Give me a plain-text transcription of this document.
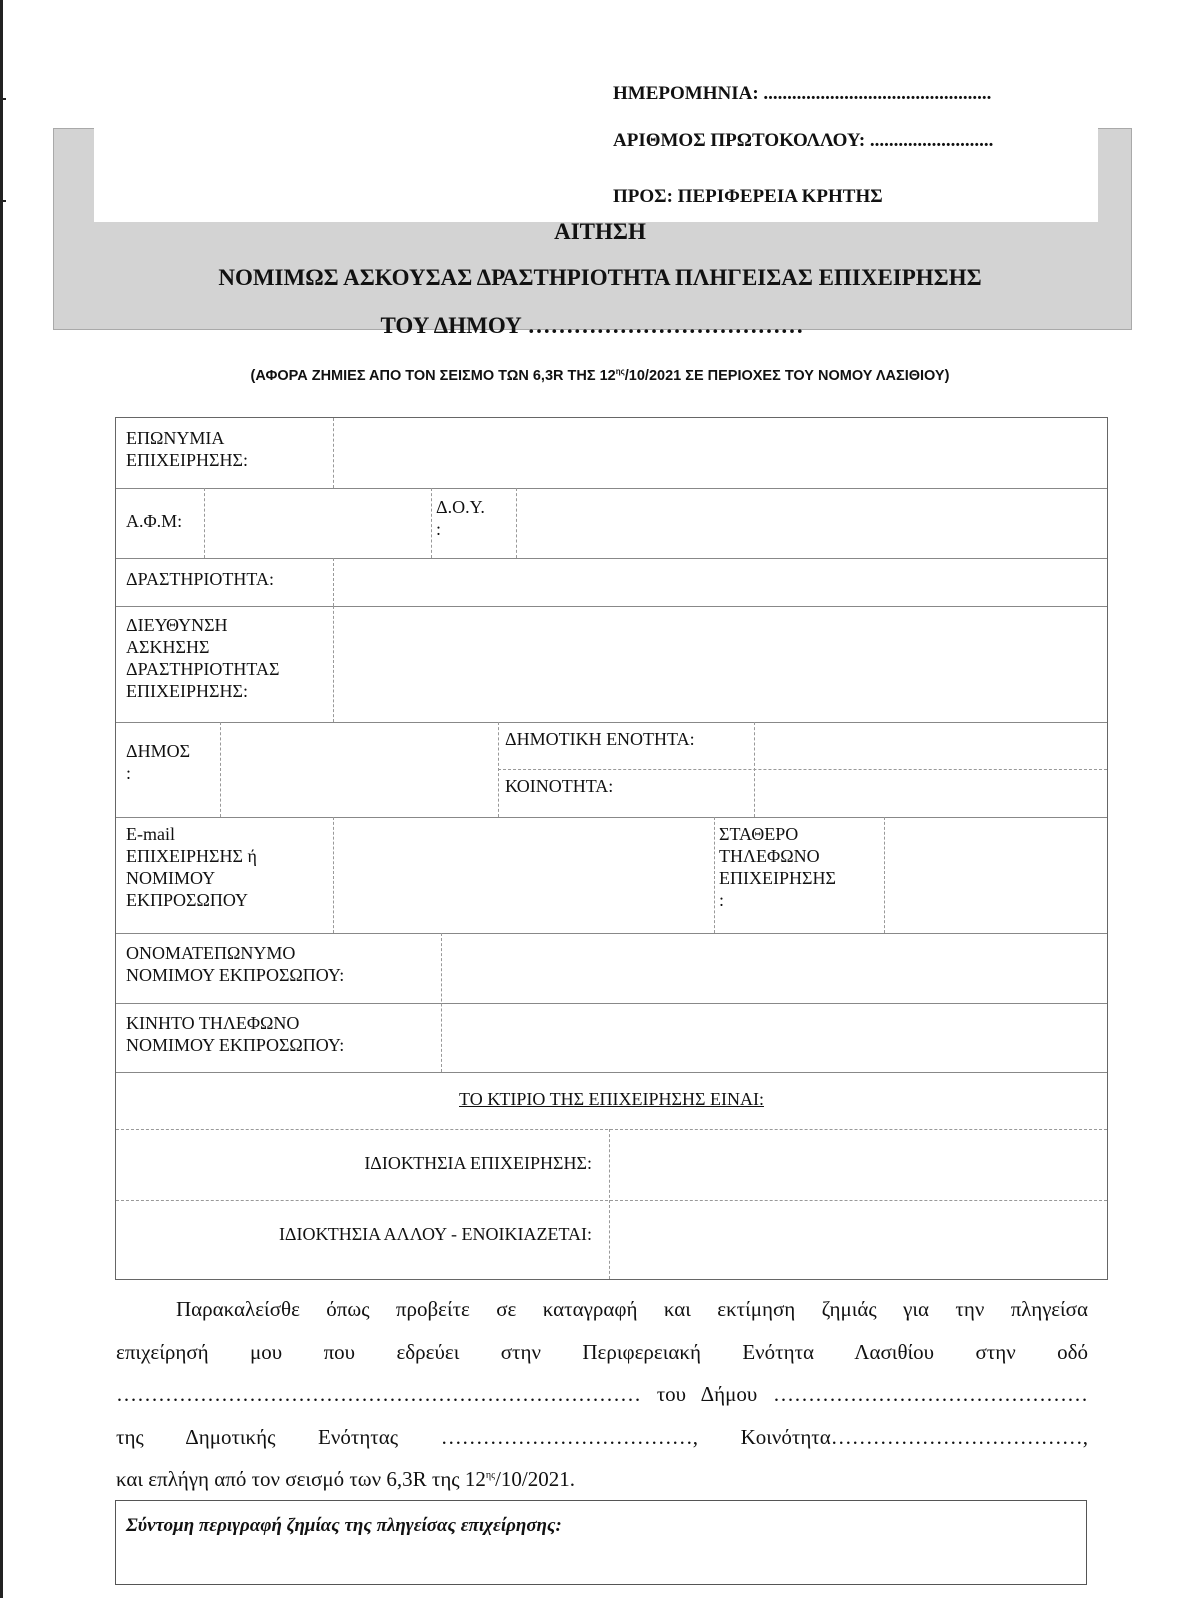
ΗΜΕΡΟΜΗΝΙΑ: ................................................
ΑΡΙΘΜΟΣ ΠΡΩΤΟΚΟΛΛΟΥ: ..........................
ΠΡΟΣ: ΠΕΡΙΦΕΡΕΙΑ ΚΡΗΤΗΣ
ΑΙΤΗΣΗ
ΝΟΜΙΜΩΣ ΑΣΚΟΥΣΑΣ ΔΡΑΣΤΗΡΙΟΤΗΤΑ ΠΛΗΓΕΙΣΑΣ ΕΠΙΧΕΙΡΗΣΗΣ
ΤΟΥ ΔΗΜΟΥ ………………………………
(ΑΦΟΡΑ ΖΗΜΙΕΣ ΑΠΟ ΤΟΝ ΣΕΙΣΜΟ ΤΩΝ 6,3R ΤΗΣ $12^{\eta\varsigma}/10/2021$ ΣΕ ΠΕΡΙΟΧΕΣ ΤΟΥ ΝΟΜΟΥ ΛΑΣΙΘΙΟΥ)
ΕΠΩΝΥΜΙΑ
ΕΠΙΧΕΙΡΗΣΗΣ:
Α.Φ.Μ:
Δ.Ο.Υ.
:
ΔΡΑΣΤΗΡΙΟΤΗΤΑ:
ΔΙΕΥΘΥΝΣΗ
ΑΣΚΗΣΗΣ
ΔΡΑΣΤΗΡΙΟΤΗΤΑΣ
ΕΠΙΧΕΙΡΗΣΗΣ:
ΔΗΜΟΣ
:
ΔΗΜΟΤΙΚΗ ΕΝΟΤΗΤΑ:
ΚΟΙΝΟΤΗΤΑ:
E-mail
ΕΠΙΧΕΙΡΗΣΗΣ ή
ΝΟΜΙΜΟΥ
ΕΚΠΡΟΣΩΠΟΥ
ΣΤΑΘΕΡΟ
ΤΗΛΕΦΩΝΟ
ΕΠΙΧΕΙΡΗΣΗΣ
:
ΟΝΟΜΑΤΕΠΩΝΥΜΟ
ΝΟΜΙΜΟΥ ΕΚΠΡΟΣΩΠΟΥ:
ΚΙΝΗΤΟ ΤΗΛΕΦΩΝΟ
ΝΟΜΙΜΟΥ ΕΚΠΡΟΣΩΠΟΥ:
ΤΟ ΚΤΙΡΙΟ ΤΗΣ ΕΠΙΧΕΙΡΗΣΗΣ ΕΙΝΑΙ:
ΙΔΙΟΚΤΗΣΙΑ ΕΠΙΧΕΙΡΗΣΗΣ:
ΙΔΙΟΚΤΗΣΙΑ ΑΛΛΟΥ - ΕΝΟΙΚΙΑΖΕΤΑΙ:
Παρακαλείσθε όπως προβείτε σε καταγραφή και εκτίμηση ζημιάς για την πληγείσα
επιχείρησή μου που εδρεύει στην Περιφερειακή Ενότητα Λασιθίου στην οδό
………………………………………………………………… του Δήμου ………………………………………
της Δημοτικής Ενότητας ………………………………, Κοινότητα………………………………,
και επλήγη από τον σεισμό των 6,3R της $12^{\eta\varsigma}/10/2021$.
Σύντομη περιγραφή ζημίας της πληγείσας επιχείρησης:
